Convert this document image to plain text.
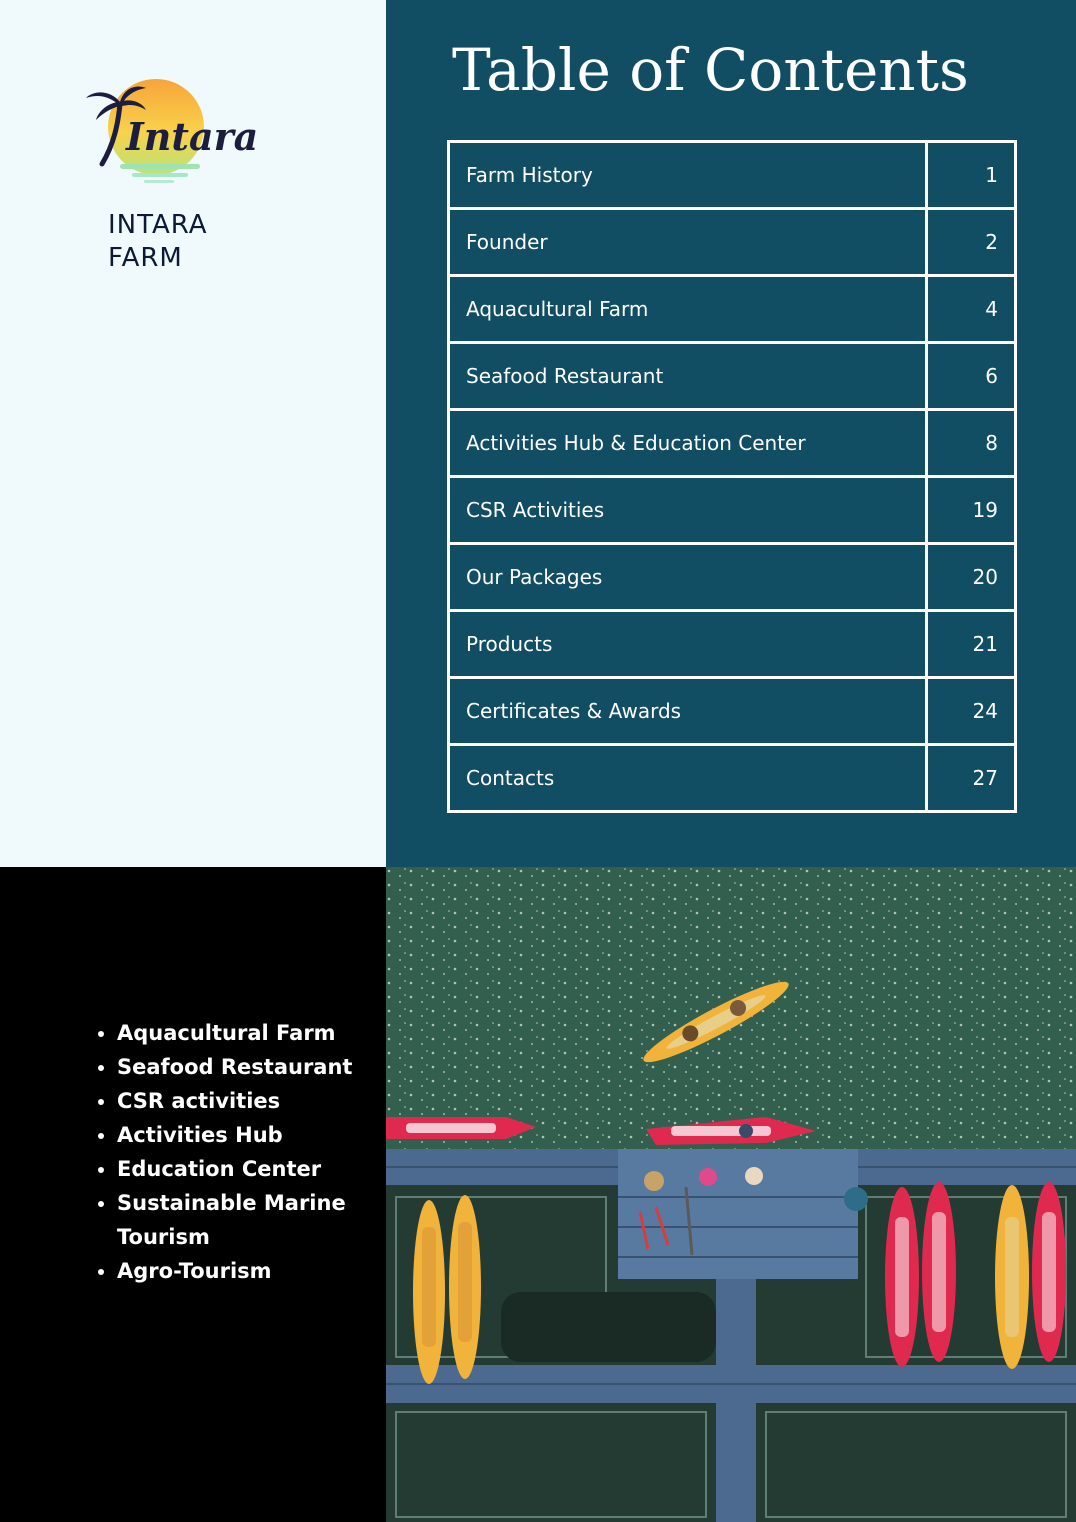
Intara
INTARA
FARM
Table of Contents
Farm History	1
Founder	2
Aquacultural Farm	4
Seafood Restaurant	6
Activities Hub & Education Center	8
CSR Activities	19
Our Packages	20
Products	21
Certificates & Awards	24
Contacts	27
• Aquacultural Farm
• Seafood Restaurant
• CSR activities
• Activities Hub
• Education Center
• Sustainable Marine Tourism
• Agro-Tourism
